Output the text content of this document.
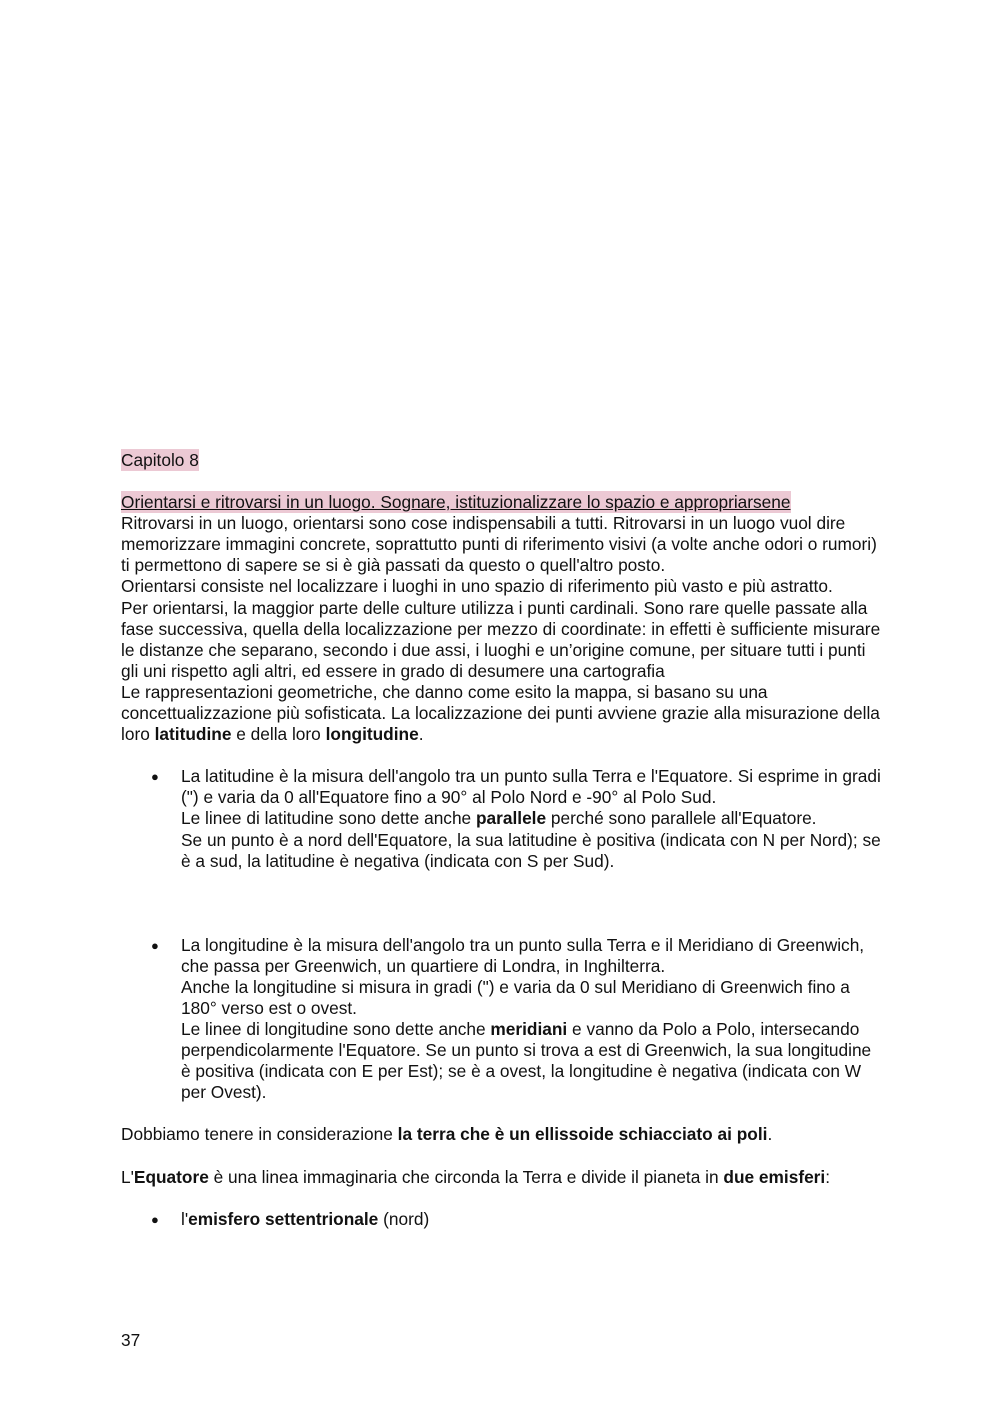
Capitolo 8

Orientarsi e ritrovarsi in un luogo. Sognare, istituzionalizzare lo spazio e appropriarsene

Ritrovarsi in un luogo, orientarsi sono cose indispensabili a tutti. Ritrovarsi in un luogo vuol dire memorizzare immagini concrete, soprattutto punti di riferimento visivi (a volte anche odori o rumori) ti permettono di sapere se si è già passati da questo o quell'altro posto.

Orientarsi consiste nel localizzare i luoghi in uno spazio di riferimento più vasto e più astratto.

Per orientarsi, la maggior parte delle culture utilizza i punti cardinali. Sono rare quelle passate alla fase successiva, quella della localizzazione per mezzo di coordinate: in effetti è sufficiente misurare le distanze che separano, secondo i due assi, i luoghi e un’origine comune, per situare tutti i punti gli uni rispetto agli altri, ed essere in grado di desumere una cartografia

Le rappresentazioni geometriche, che danno come esito la mappa, si basano su una concettualizzazione più sofisticata. La localizzazione dei punti avviene grazie alla misurazione della loro latitudine e della loro longitudine.

● La latitudine è la misura dell'angolo tra un punto sulla Terra e l'Equatore. Si esprime in gradi (") e varia da 0 all'Equatore fino a 90° al Polo Nord e -90° al Polo Sud.

Le linee di latitudine sono dette anche parallele perché sono parallele all'Equatore.

Se un punto è a nord dell'Equatore, la sua latitudine è positiva (indicata con N per Nord); se è a sud, la latitudine è negativa (indicata con S per Sud).

● La longitudine è la misura dell'angolo tra un punto sulla Terra e il Meridiano di Greenwich, che passa per Greenwich, un quartiere di Londra, in Inghilterra.

Anche la longitudine si misura in gradi (") e varia da 0 sul Meridiano di Greenwich fino a 180° verso est o ovest.

Le linee di longitudine sono dette anche meridiani e vanno da Polo a Polo, intersecando perpendicolarmente l'Equatore. Se un punto si trova a est di Greenwich, la sua longitudine è positiva (indicata con E per Est); se è a ovest, la longitudine è negativa (indicata con W per Ovest).

Dobbiamo tenere in considerazione la terra che è un ellissoide schiacciato ai poli.

L'Equatore è una linea immaginaria che circonda la Terra e divide il pianeta in due emisferi:

● l'emisfero settentrionale (nord)

37
